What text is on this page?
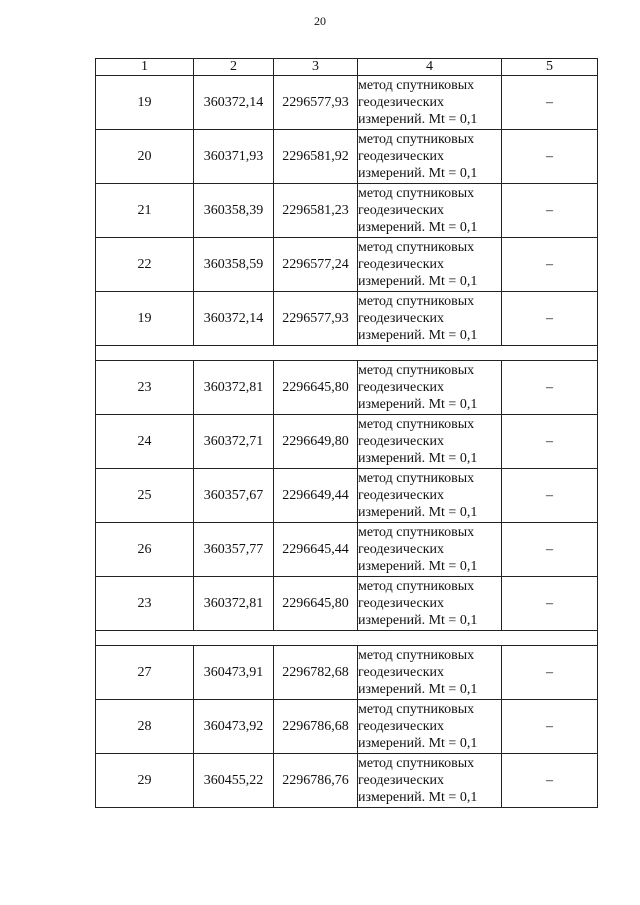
20
1	2	3	4	5
19	360372,14	2296577,93	метод спутниковых
геодезических
измерений. Mt = 0,1	–
20	360371,93	2296581,92	метод спутниковых
геодезических
измерений. Mt = 0,1	–
21	360358,39	2296581,23	метод спутниковых
геодезических
измерений. Mt = 0,1	–
22	360358,59	2296577,24	метод спутниковых
геодезических
измерений. Mt = 0,1	–
19	360372,14	2296577,93	метод спутниковых
геодезических
измерений. Mt = 0,1	–

23	360372,81	2296645,80	метод спутниковых
геодезических
измерений. Mt = 0,1	–
24	360372,71	2296649,80	метод спутниковых
геодезических
измерений. Mt = 0,1	–
25	360357,67	2296649,44	метод спутниковых
геодезических
измерений. Mt = 0,1	–
26	360357,77	2296645,44	метод спутниковых
геодезических
измерений. Mt = 0,1	–
23	360372,81	2296645,80	метод спутниковых
геодезических
измерений. Mt = 0,1	–

27	360473,91	2296782,68	метод спутниковых
геодезических
измерений. Mt = 0,1	–
28	360473,92	2296786,68	метод спутниковых
геодезических
измерений. Mt = 0,1	–
29	360455,22	2296786,76	метод спутниковых
геодезических
измерений. Mt = 0,1	–
